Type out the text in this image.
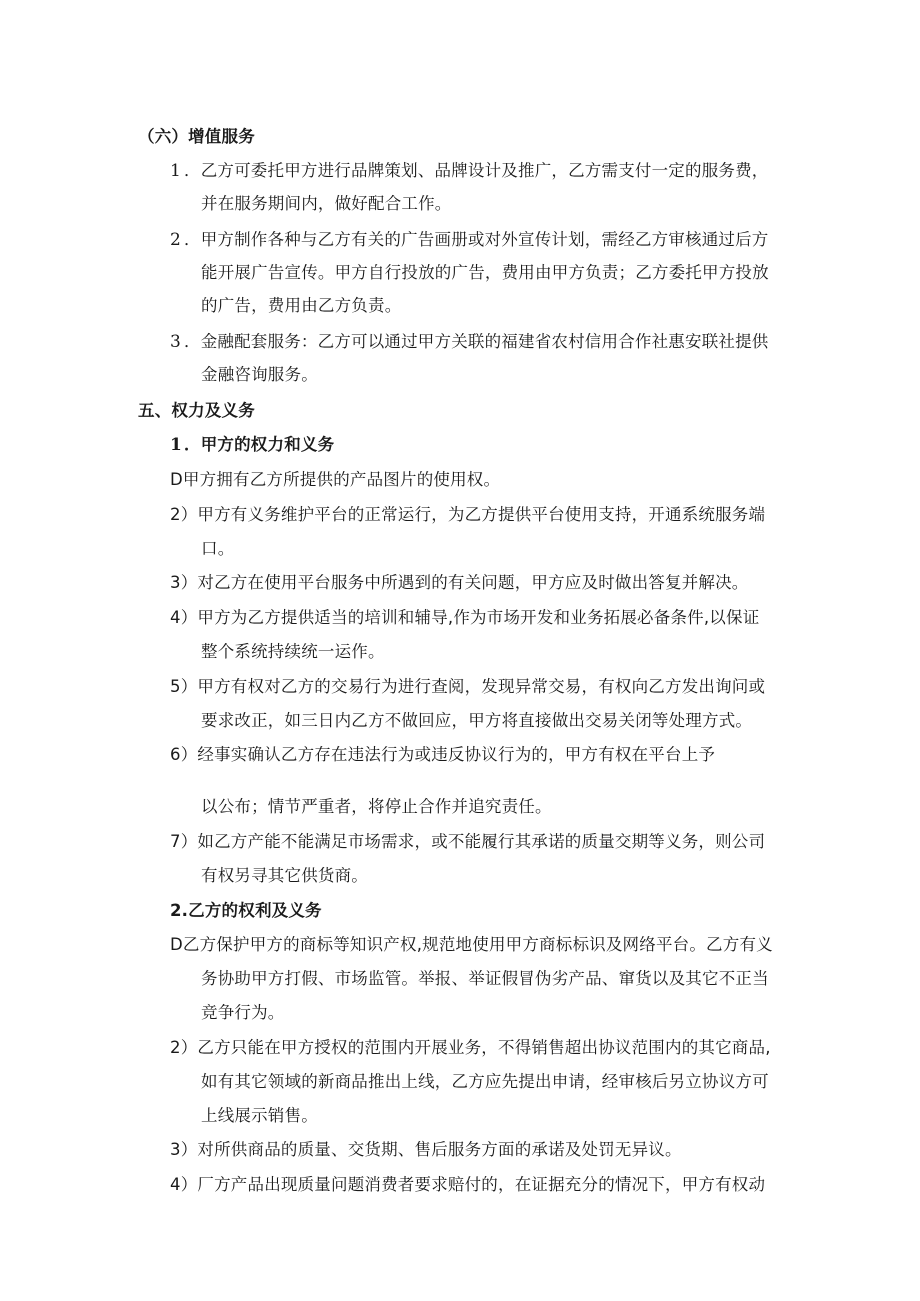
（六）增值服务
1 ．乙方可委托甲方进行品牌策划、品牌设计及推广，乙方需支付一定的服务费，
并在服务期间内，做好配合工作。
2 ．甲方制作各种与乙方有关的广告画册或对外宣传计划，需经乙方审核通过后方
能开展广告宣传。甲方自行投放的广告，费用由甲方负责；乙方委托甲方投放
的广告，费用由乙方负责。
3 ．金融配套服务：乙方可以通过甲方关联的福建省农村信用合作社惠安联社提供
金融咨询服务。
五、权力及义务
1 ．甲方的权力和义务
D甲方拥有乙方所提供的产品图片的使用权。
2）甲方有义务维护平台的正常运行，为乙方提供平台使用支持，开通系统服务端
口。
3）对乙方在使用平台服务中所遇到的有关问题，甲方应及时做出答复并解决。
4）甲方为乙方提供适当的培训和辅导,作为市场开发和业务拓展必备条件,以保证
整个系统持续统一运作。
5）甲方有权对乙方的交易行为进行查阅，发现异常交易，有权向乙方发出询问或
要求改正，如三日内乙方不做回应，甲方将直接做出交易关闭等处理方式。
6）经事实确认乙方存在违法行为或违反协议行为的，甲方有权在平台上予
以公布；情节严重者，将停止合作并追究责任。
7）如乙方产能不能满足市场需求，或不能履行其承诺的质量交期等义务，则公司
有权另寻其它供货商。
2.乙方的权利及义务
D乙方保护甲方的商标等知识产权,规范地使用甲方商标标识及网络平台。乙方有义
务协助甲方打假、市场监管。举报、举证假冒伪劣产品、窜货以及其它不正当
竞争行为。
2）乙方只能在甲方授权的范围内开展业务，不得销售超出协议范围内的其它商品,
如有其它领域的新商品推出上线，乙方应先提出申请，经审核后另立协议方可
上线展示销售。
3）对所供商品的质量、交货期、售后服务方面的承诺及处罚无异议。
4）厂方产品出现质量问题消费者要求赔付的，在证据充分的情况下，甲方有权动
